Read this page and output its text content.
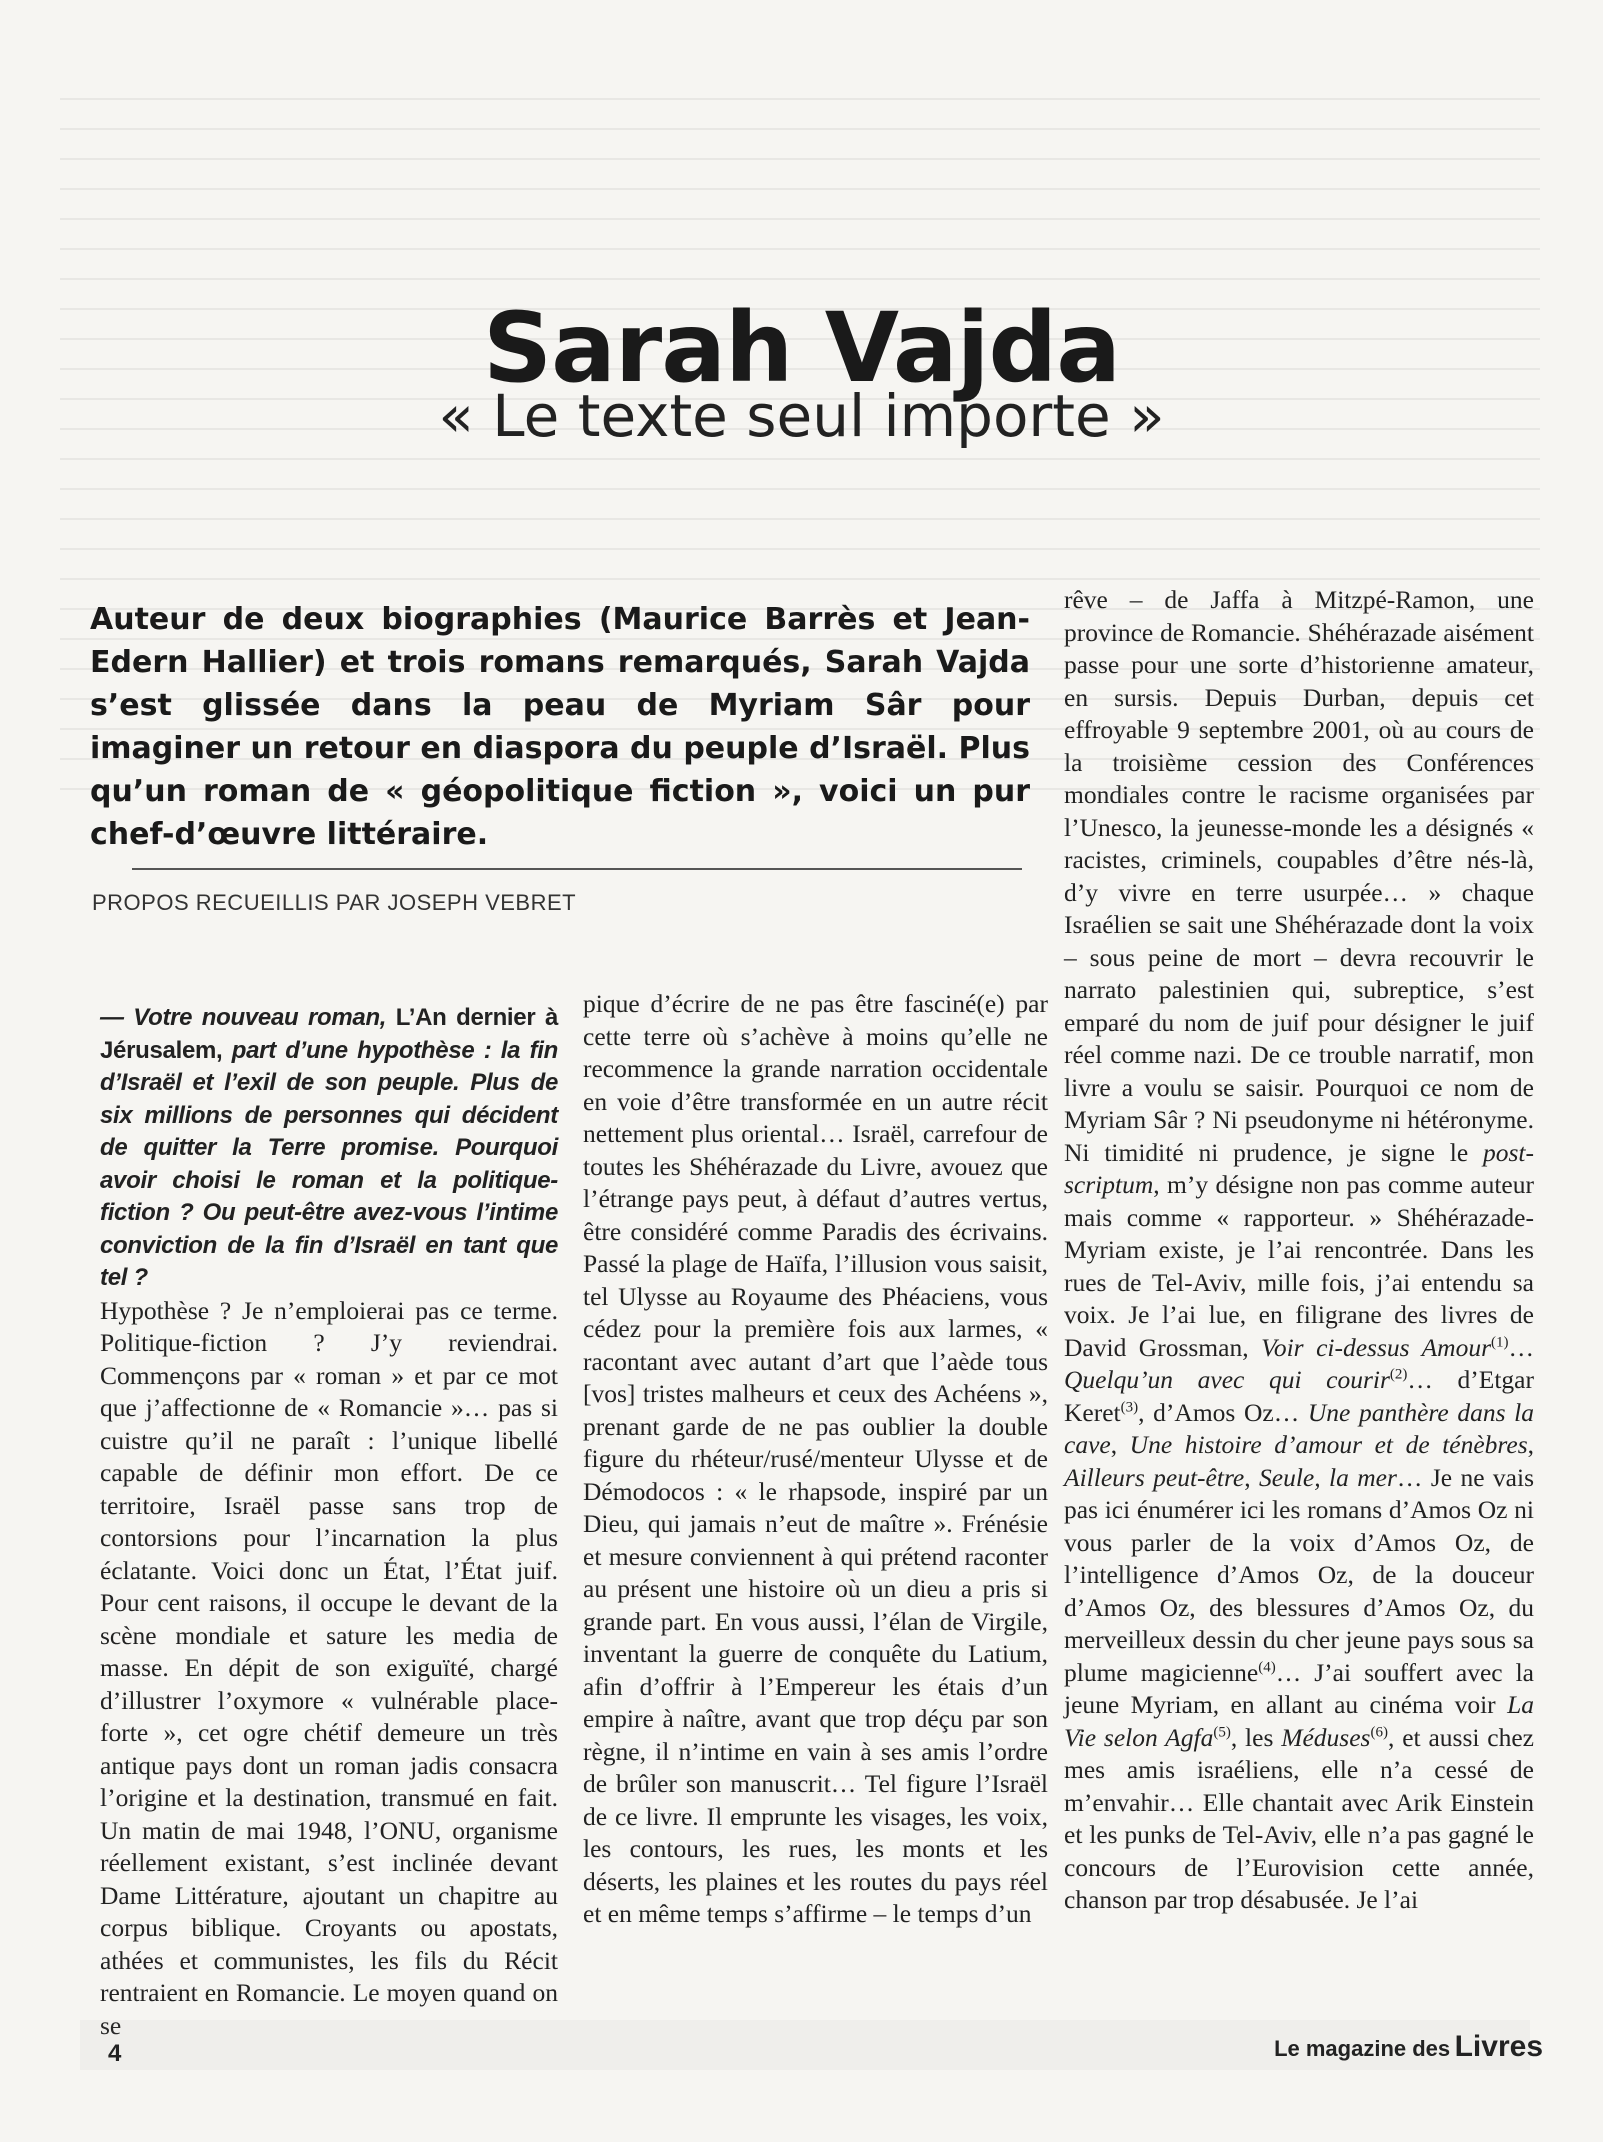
Sarah Vajda
« Le texte seul importe »
Auteur de deux biographies (Maurice Barrès et Jean-Edern Hallier) et trois romans remarqués, Sarah Vajda s’est glissée dans la peau de Myriam Sâr pour imaginer un retour en diaspora du peuple d’Israël. Plus qu’un roman de « géopolitique fiction », voici un pur chef-d’œuvre littéraire.
PROPOS RECUEILLIS PAR JOSEPH VEBRET

— Votre nouveau roman, L’An dernier à Jérusalem, part d’une hypothèse : la fin d’Israël et l’exil de son peuple. Plus de six millions de personnes qui décident de quitter la Terre promise. Pourquoi avoir choisi le roman et la politique-fiction ? Ou peut-être avez-vous l’intime conviction de la fin d’Israël en tant que tel ?

Hypothèse ? Je n’emploierai pas ce terme. Politique-fiction ? J’y reviendrai. Commençons par « roman » et par ce mot que j’affectionne de « Romancie »… pas si cuistre qu’il ne paraît : l’unique libellé capable de définir mon effort. De ce territoire, Israël passe sans trop de contorsions pour l’incarnation la plus éclatante. Voici donc un État, l’État juif. Pour cent raisons, il occupe le devant de la scène mondiale et sature les media de masse. En dépit de son exiguïté, chargé d’illustrer l’oxymore « vulnérable place-forte », cet ogre chétif demeure un très antique pays dont un roman jadis consacra l’origine et la destination, transmué en fait. Un matin de mai 1948, l’ONU, organisme réellement existant, s’est inclinée devant Dame Littérature, ajoutant un chapitre au corpus biblique. Croyants ou apostats, athées et communistes, les fils du Récit rentraient en Romancie. Le moyen quand on se

pique d’écrire de ne pas être fasciné(e) par cette terre où s’achève à moins qu’elle ne recommence la grande narration occidentale en voie d’être transformée en un autre récit nettement plus oriental… Israël, carrefour de toutes les Shéhérazade du Livre, avouez que l’étrange pays peut, à défaut d’autres vertus, être considéré comme Paradis des écrivains. Passé la plage de Haïfa, l’illusion vous saisit, tel Ulysse au Royaume des Phéaciens, vous cédez pour la première fois aux larmes, « racontant avec autant d’art que l’aède tous [vos] tristes malheurs et ceux des Achéens », prenant garde de ne pas oublier la double figure du rhéteur/rusé/menteur Ulysse et de Démodocos : « le rhapsode, inspiré par un Dieu, qui jamais n’eut de maître ». Frénésie et mesure conviennent à qui prétend raconter au présent une histoire où un dieu a pris si grande part. En vous aussi, l’élan de Virgile, inventant la guerre de conquête du Latium, afin d’offrir à l’Empereur les étais d’un empire à naître, avant que trop déçu par son règne, il n’intime en vain à ses amis l’ordre de brûler son manuscrit… Tel figure l’Israël de ce livre. Il emprunte les visages, les voix, les contours, les rues, les monts et les déserts, les plaines et les routes du pays réel et en même temps s’affirme – le temps d’un

rêve – de Jaffa à Mitzpé-Ramon, une province de Romancie. Shéhérazade aisément passe pour une sorte d’historienne amateur, en sursis. Depuis Durban, depuis cet effroyable 9 septembre 2001, où au cours de la troisième cession des Conférences mondiales contre le racisme organisées par l’Unesco, la jeunesse-monde les a désignés « racistes, criminels, coupables d’être nés-là, d’y vivre en terre usurpée… » chaque Israélien se sait une Shéhérazade dont la voix – sous peine de mort – devra recouvrir le narrato palestinien qui, subreptice, s’est emparé du nom de juif pour désigner le juif réel comme nazi. De ce trouble narratif, mon livre a voulu se saisir. Pourquoi ce nom de Myriam Sâr ? Ni pseudonyme ni hétéronyme. Ni timidité ni prudence, je signe le post-scriptum, m’y désigne non pas comme auteur mais comme « rapporteur. » Shéhérazade-Myriam existe, je l’ai rencontrée. Dans les rues de Tel-Aviv, mille fois, j’ai entendu sa voix. Je l’ai lue, en filigrane des livres de David Grossman, Voir ci-dessus Amour$^{(1)}$… Quelqu’un avec qui courir$^{(2)}$… d’Etgar Keret$^{(3)}$, d’Amos Oz… Une panthère dans la cave, Une histoire d’amour et de ténèbres, Ailleurs peut-être, Seule, la mer… Je ne vais pas ici énumérer ici les romans d’Amos Oz ni vous parler de la voix d’Amos Oz, de l’intelligence d’Amos Oz, de la douceur d’Amos Oz, des blessures d’Amos Oz, du merveilleux dessin du cher jeune pays sous sa plume magicienne$^{(4)}$… J’ai souffert avec la jeune Myriam, en allant au cinéma voir La Vie selon Agfa$^{(5)}$, les Méduses$^{(6)}$, et aussi chez mes amis israéliens, elle n’a cessé de m’envahir… Elle chantait avec Arik Einstein et les punks de Tel-Aviv, elle n’a pas gagné le concours de l’Eurovision cette année, chanson par trop désabusée. Je l’ai

4	Le magazine des Livres
